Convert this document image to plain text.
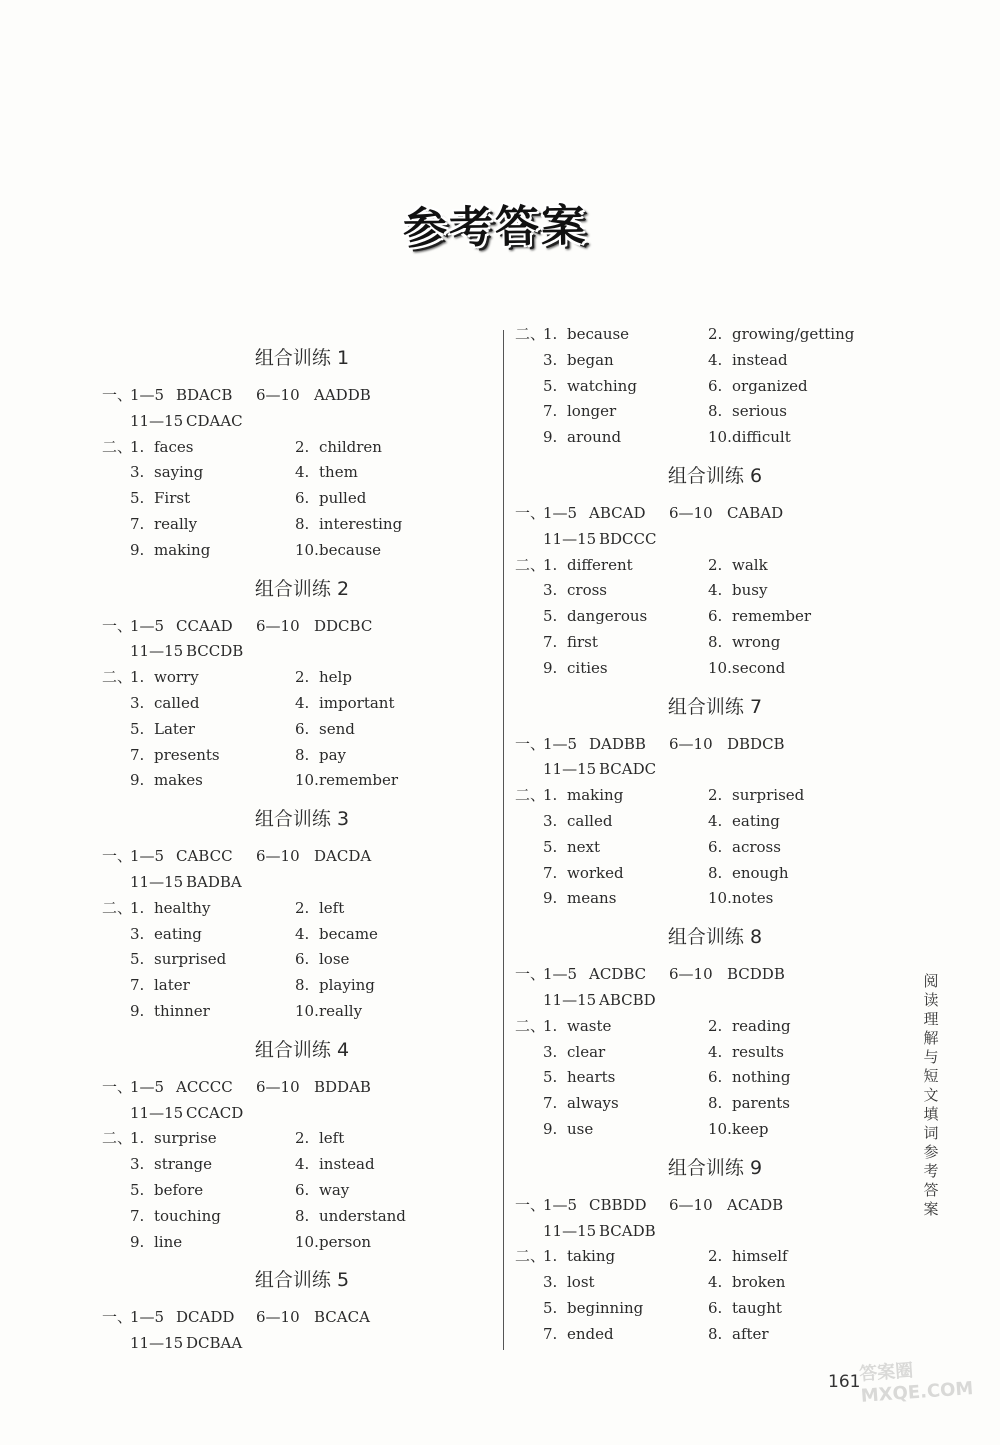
参考答案
组合训练 1
一、1—5 BDACB 6—10 AADDB
11—15 CDAAC
二、1. faces	2. children
3. saying	4. them
5. First	6. pulled
7. really	8. interesting
9. making	10.because
组合训练 2
一、1—5 CCAAD 6—10 DDCBC
11—15 BCCDB
二、1. worry	2. help
3. called	4. important
5. Later	6. send
7. presents	8. pay
9. makes	10.remember
组合训练 3
一、1—5 CABCC 6—10 DACDA
11—15 BADBA
二、1. healthy	2. left
3. eating	4. became
5. surprised	6. lose
7. later	8. playing
9. thinner	10.really
组合训练 4
一、1—5 ACCCC 6—10 BDDAB
11—15 CCACD
二、1. surprise	2. left
3. strange	4. instead
5. before	6. way
7. touching	8. understand
9. line	10.person
组合训练 5
一、1—5 DCADD 6—10 BCACA
11—15 DCBAA
二、1. because	2. growing/getting
3. began	4. instead
5. watching	6. organized
7. longer	8. serious
9. around	10.difficult
组合训练 6
一、1—5 ABCAD 6—10 CABAD
11—15 BDCCC
二、1. different	2. walk
3. cross	4. busy
5. dangerous	6. remember
7. first	8. wrong
9. cities	10.second
组合训练 7
一、1—5 DADBB 6—10 DBDCB
11—15 BCADC
二、1. making	2. surprised
3. called	4. eating
5. next	6. across
7. worked	8. enough
9. means	10.notes
组合训练 8
一、1—5 ACDBC 6—10 BCDDB
11—15 ABCBD
二、1. waste	2. reading
3. clear	4. results
5. hearts	6. nothing
7. always	8. parents
9. use	10.keep
组合训练 9
一、1—5 CBBDD 6—10 ACADB
11—15 BCADB
二、1. taking	2. himself
3. lost	4. broken
5. beginning	6. taught
7. ended	8. after
阅读理解与短文填词参考答案
161
答案圈
MXQE.COM
